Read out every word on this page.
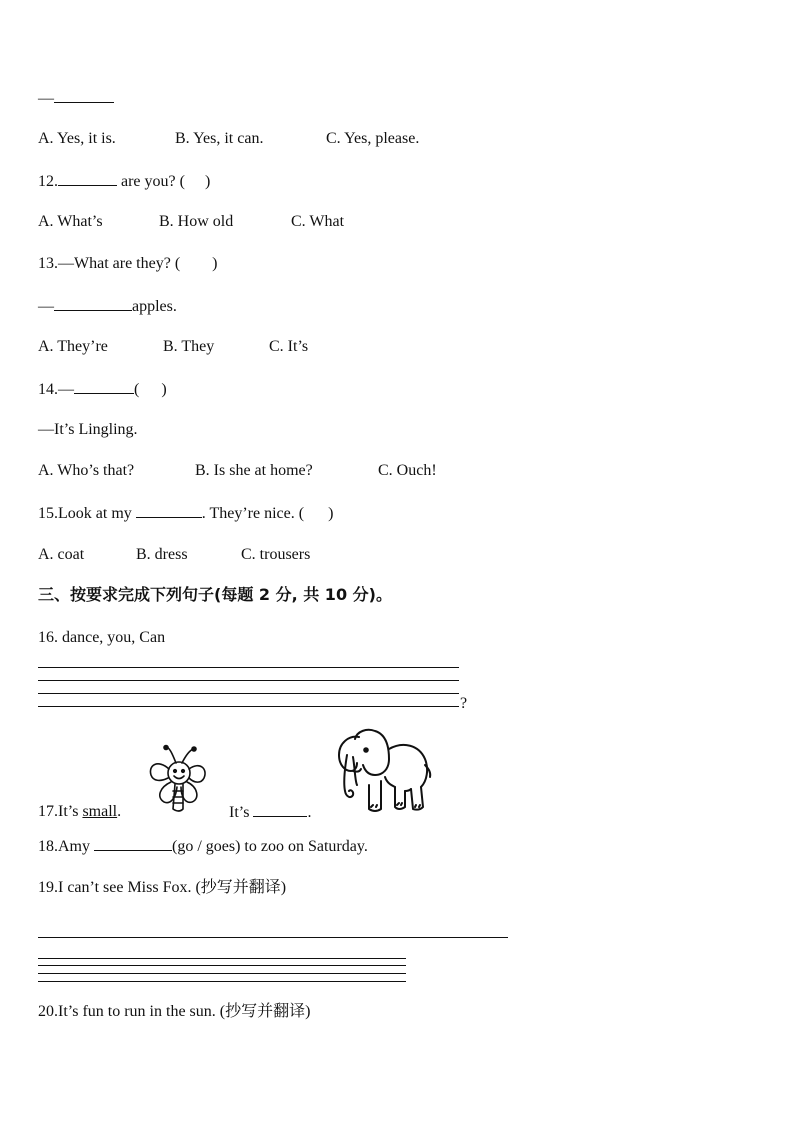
—
A. Yes, it is.	B. Yes, it can.	C. Yes, please.
12.	are you? ( )
A. What’s	B. How old	C. What
13.—What are they? ( )
—	apples.
A. They’re	B. They	C. It’s
14.—	( )
—It’s Lingling.
A. Who’s that?	B. Is she at home?	C. Ouch!
15.Look at my	. They’re nice. ( )
A. coat	B. dress	C. trousers
三、按要求完成下列句子(每题 2 分, 共 10 分)。
16. dance, you, Can
?
17.It’s small.	It’s	.
18.Amy	(go / goes) to zoo on Saturday.
19.I can’t see Miss Fox. (抄写并翻译)
20.It’s fun to run in the sun. (抄写并翻译)
